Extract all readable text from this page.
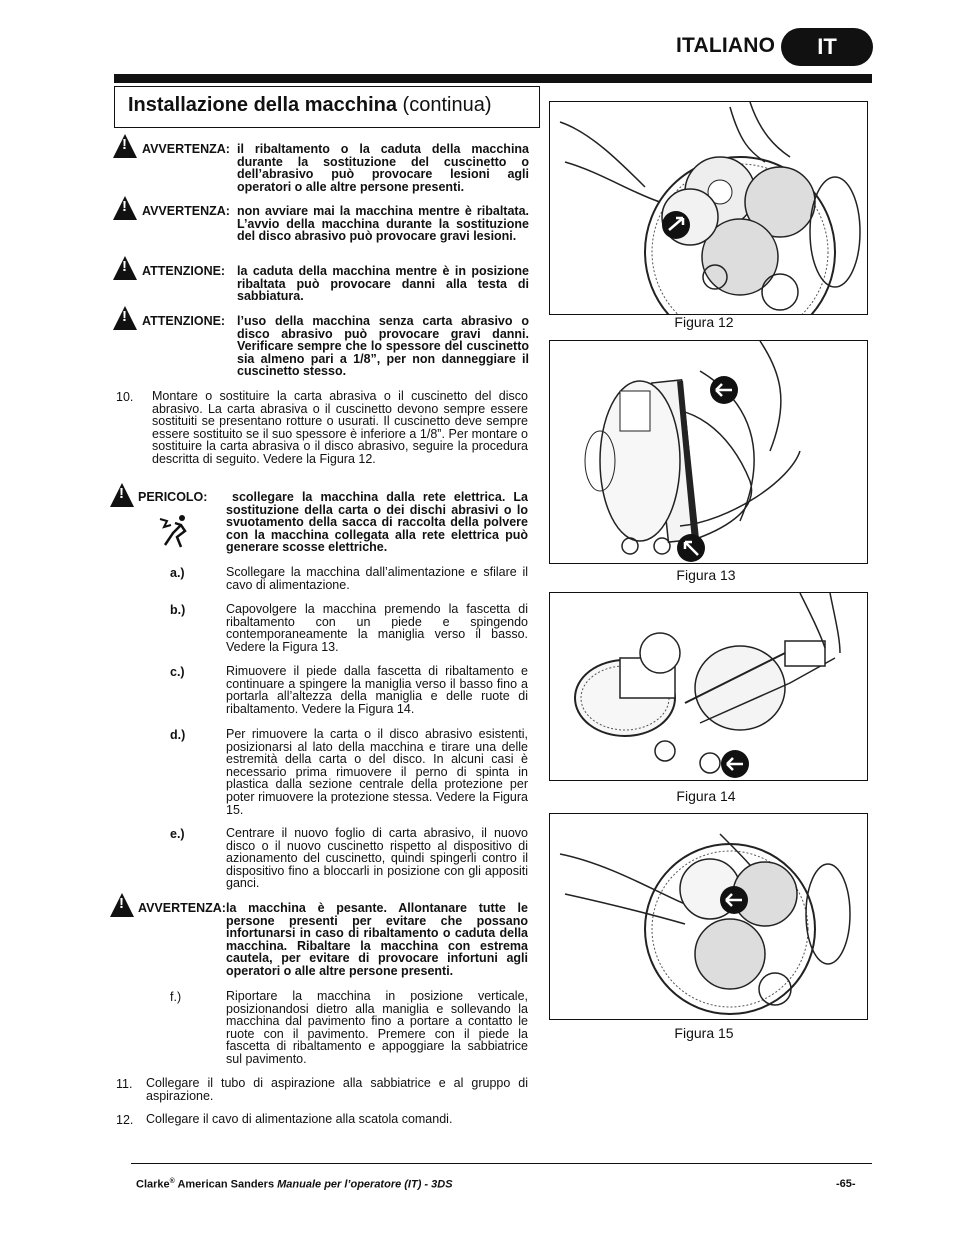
ITALIANO	IT
Installazione della macchina (continua)
!
AVVERTENZA: il ribaltamento o la caduta della macchina durante la sostituzione del cuscinetto o dell’abrasivo può provocare lesioni agli operatori o alle altre persone presenti.
!
AVVERTENZA: non avviare mai la macchina mentre è ribaltata. L’avvio della macchina durante la sostituzione del disco abrasivo può provocare gravi lesioni.
!
ATTENZIONE: la caduta della macchina mentre è in posizione ribaltata può provocare danni alla testa di sabbiatura.
!
ATTENZIONE: l’uso della macchina senza carta abrasivo o disco abrasivo può provocare gravi danni. Verificare sempre che lo spessore del cuscinetto sia almeno pari a 1/8”, per non danneggiare il cuscinetto stesso.
10. Montare o sostituire la carta abrasiva o il cuscinetto del disco abrasivo. La carta abrasiva o il cuscinetto devono sempre essere sostituiti se presentano rotture o usurati. Il cuscinetto deve sempre essere sostituito se il suo spessore è inferiore a 1/8”. Per montare o sostituire la carta abrasiva o il disco abrasivo, seguire la procedura descritta di seguito. Vedere la Figura 12.
!
PERICOLO:	scollegare la macchina dalla rete elettrica. La sostituzione della carta o dei dischi abrasivi o lo svuotamento della sacca di raccolta della polvere con la macchina collegata alla rete elettrica può generare scosse elettriche.
a.)	Scollegare la macchina dall’alimentazione e sfilare il cavo di alimentazione.
b.)	Capovolgere la macchina premendo la fascetta di ribaltamento con un piede e spingendo contemporaneamente la maniglia verso il basso. Vedere la Figura 13.
c.)	Rimuovere il piede dalla fascetta di ribaltamento e continuare a spingere la maniglia verso il basso fino a portarla all’altezza della maniglia e delle ruote di ribaltamento. Vedere la Figura 14.
d.)	Per rimuovere la carta o il disco abrasivo esistenti, posizionarsi al lato della macchina e tirare una delle estremità della carta o del disco. In alcuni casi è necessario prima rimuovere il perno di spinta in plastica dalla sezione centrale della protezione per poter rimuovere la protezione stessa. Vedere la Figura 15.
e.)	Centrare il nuovo foglio di carta abrasivo, il nuovo disco o il nuovo cuscinetto rispetto al dispositivo di azionamento del cuscinetto, quindi spingerli contro il dispositivo fino a bloccarli in posizione con gli appositi ganci.
!
AVVERTENZA: la macchina è pesante. Allontanare tutte le persone presenti per evitare che possano infortunarsi in caso di ribaltamento o caduta della macchina. Ribaltare la macchina con estrema cautela, per evitare di provocare infortuni agli operatori o alle altre persone presenti.
f.)	Riportare la macchina in posizione verticale, posizionandosi dietro alla maniglia e sollevando la macchina dal pavimento fino a portare a contatto le ruote con il pavimento. Premere con il piede la fascetta di ribaltamento e appoggiare la sabbiatrice sul pavimento.
11. Collegare il tubo di aspirazione alla sabbiatrice e al gruppo di aspirazione.
12. Collegare il cavo di alimentazione alla scatola comandi.
Figura 12
Figura 13
Figura 14
Figura 15
Clarke® American Sanders Manuale per l’operatore (IT) - 3DS	-65-
